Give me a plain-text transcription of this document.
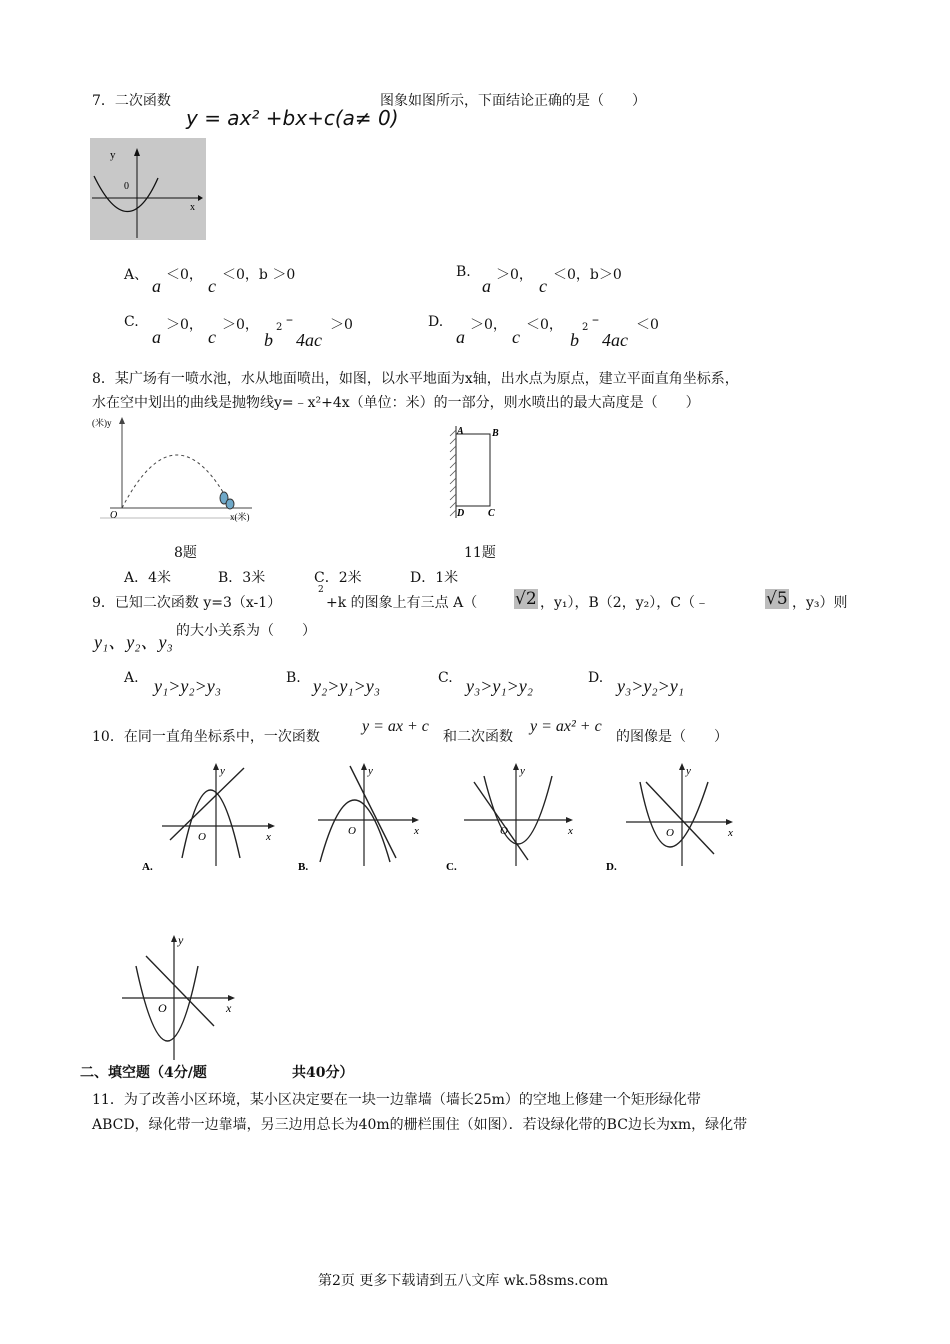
7．二次函数	图象如图所示，下面结论正确的是（　　）
y = ax² +bx+c(a≠ 0)
y
0
x
A、
a
＜0，
c
＜0，b ＞0	B.
a
＞0，
c
＜0，b＞0
C.
a
＞0，
c
＞0，
b
2 –
4ac
＞0	D.
a
＞0，
c
＜0，
b
2 –
4ac
＜0
8．某广场有一喷水池，水从地面喷出，如图，以水平地面为x轴，出水点为原点，建立平面直角坐标系，
水在空中划出的曲线是抛物线y=﹣x²+4x（单位：米）的一部分，则水喷出的最大高度是（　　）
(米)y
O	x(米)
A	B
D C
8题	11题
A．4米	B．3米	C．2米	D．1米
9．已知二次函数 y=3（x-1）
2
+k 的图象上有三点 A（ √2 ，y₁），B（2，y₂），C（﹣	√5 ，y₃）则
y₁、y₂、y₃
的大小关系为（　　）
A. y₁>y₂>y₃	B. y₂>y₁>y₃	C. y₃>y₁>y₂	D. y₃>y₂>y₁
10．在同一直角坐标系中，一次函数
y = ax + c
和二次函数
y = ax² + c
的图像是（　　）
y
x
O
A.
y
x
O
B.
y
x
O
C.
y
x
O
D.
y
x
O
二、填空题（4分/题	共40分）
11．为了改善小区环境，某小区决定要在一块一边靠墙（墙长25m）的空地上修建一个矩形绿化带
ABCD，绿化带一边靠墙，另三边用总长为40m的栅栏围住（如图）．若设绿化带的BC边长为xm，绿化带
第2页 更多下载请到五八文库 wk.58sms.com
